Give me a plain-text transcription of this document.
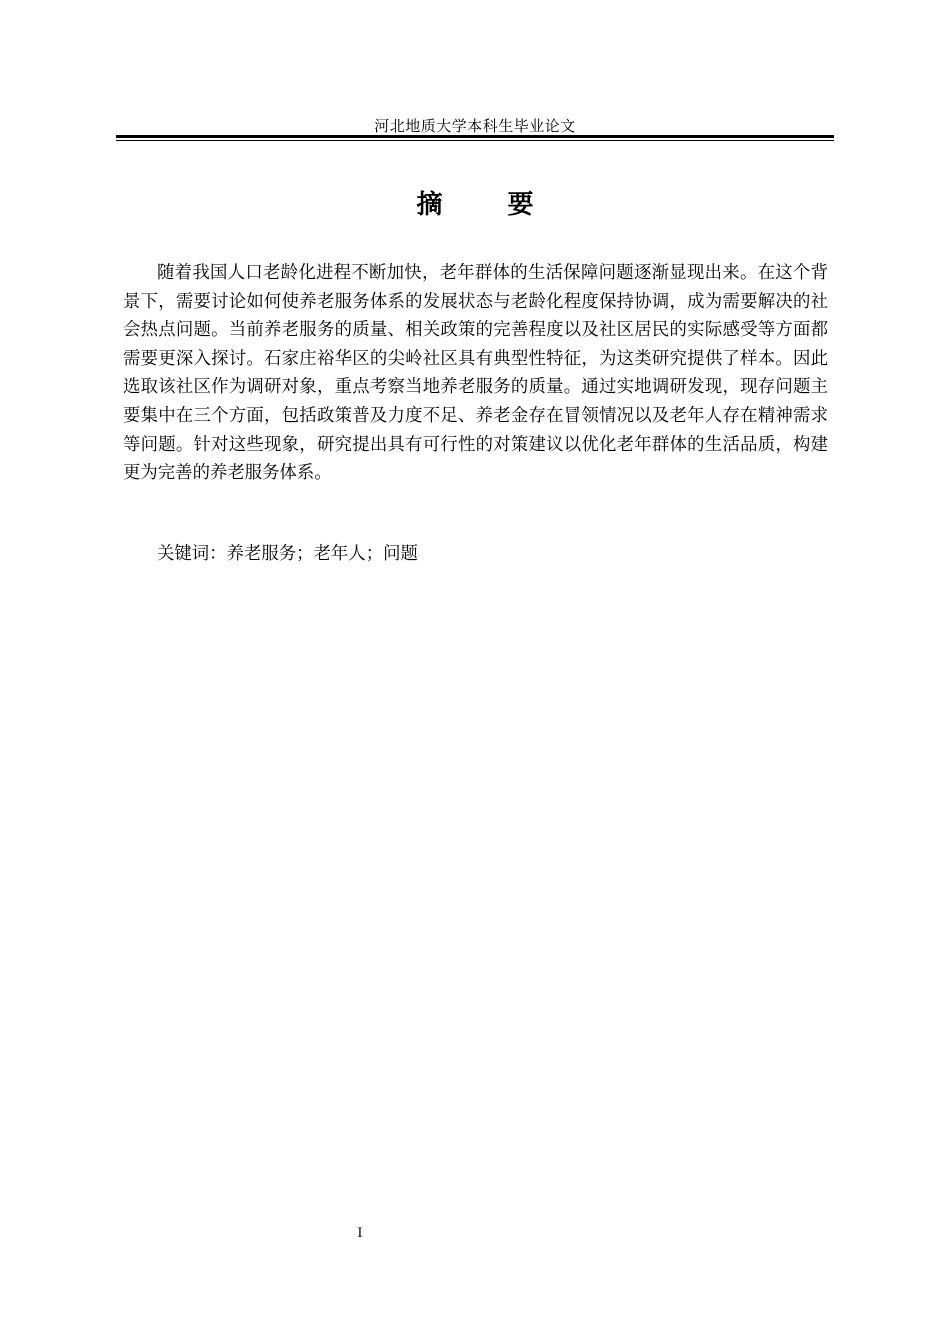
河北地质大学本科生毕业论文
摘 要

随着我国人口老龄化进程不断加快，老年群体的生活保障问题逐渐显现出来。在这个背景下，需要讨论如何使养老服务体系的发展状态与老龄化程度保持协调，成为需要解决的社会热点问题。当前养老服务的质量、相关政策的完善程度以及社区居民的实际感受等方面都需要更深入探讨。石家庄裕华区的尖岭社区具有典型性特征，为这类研究提供了样本。因此选取该社区作为调研对象，重点考察当地养老服务的质量。通过实地调研发现，现存问题主要集中在三个方面，包括政策普及力度不足、养老金存在冒领情况以及老年人存在精神需求等问题。针对这些现象，研究提出具有可行性的对策建议以优化老年群体的生活品质，构建更为完善的养老服务体系。

关键词：养老服务；老年人；问题

I
